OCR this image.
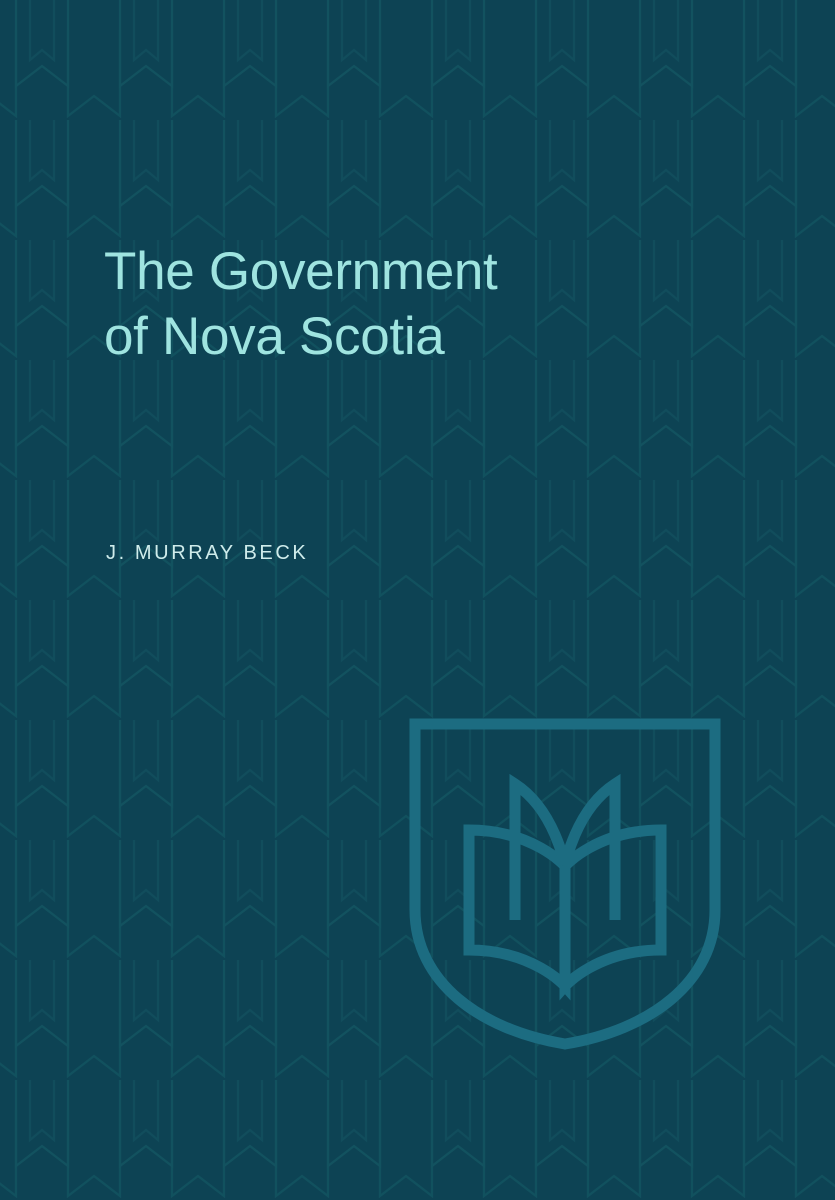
The Government
of Nova Scotia
J. MURRAY BECK
